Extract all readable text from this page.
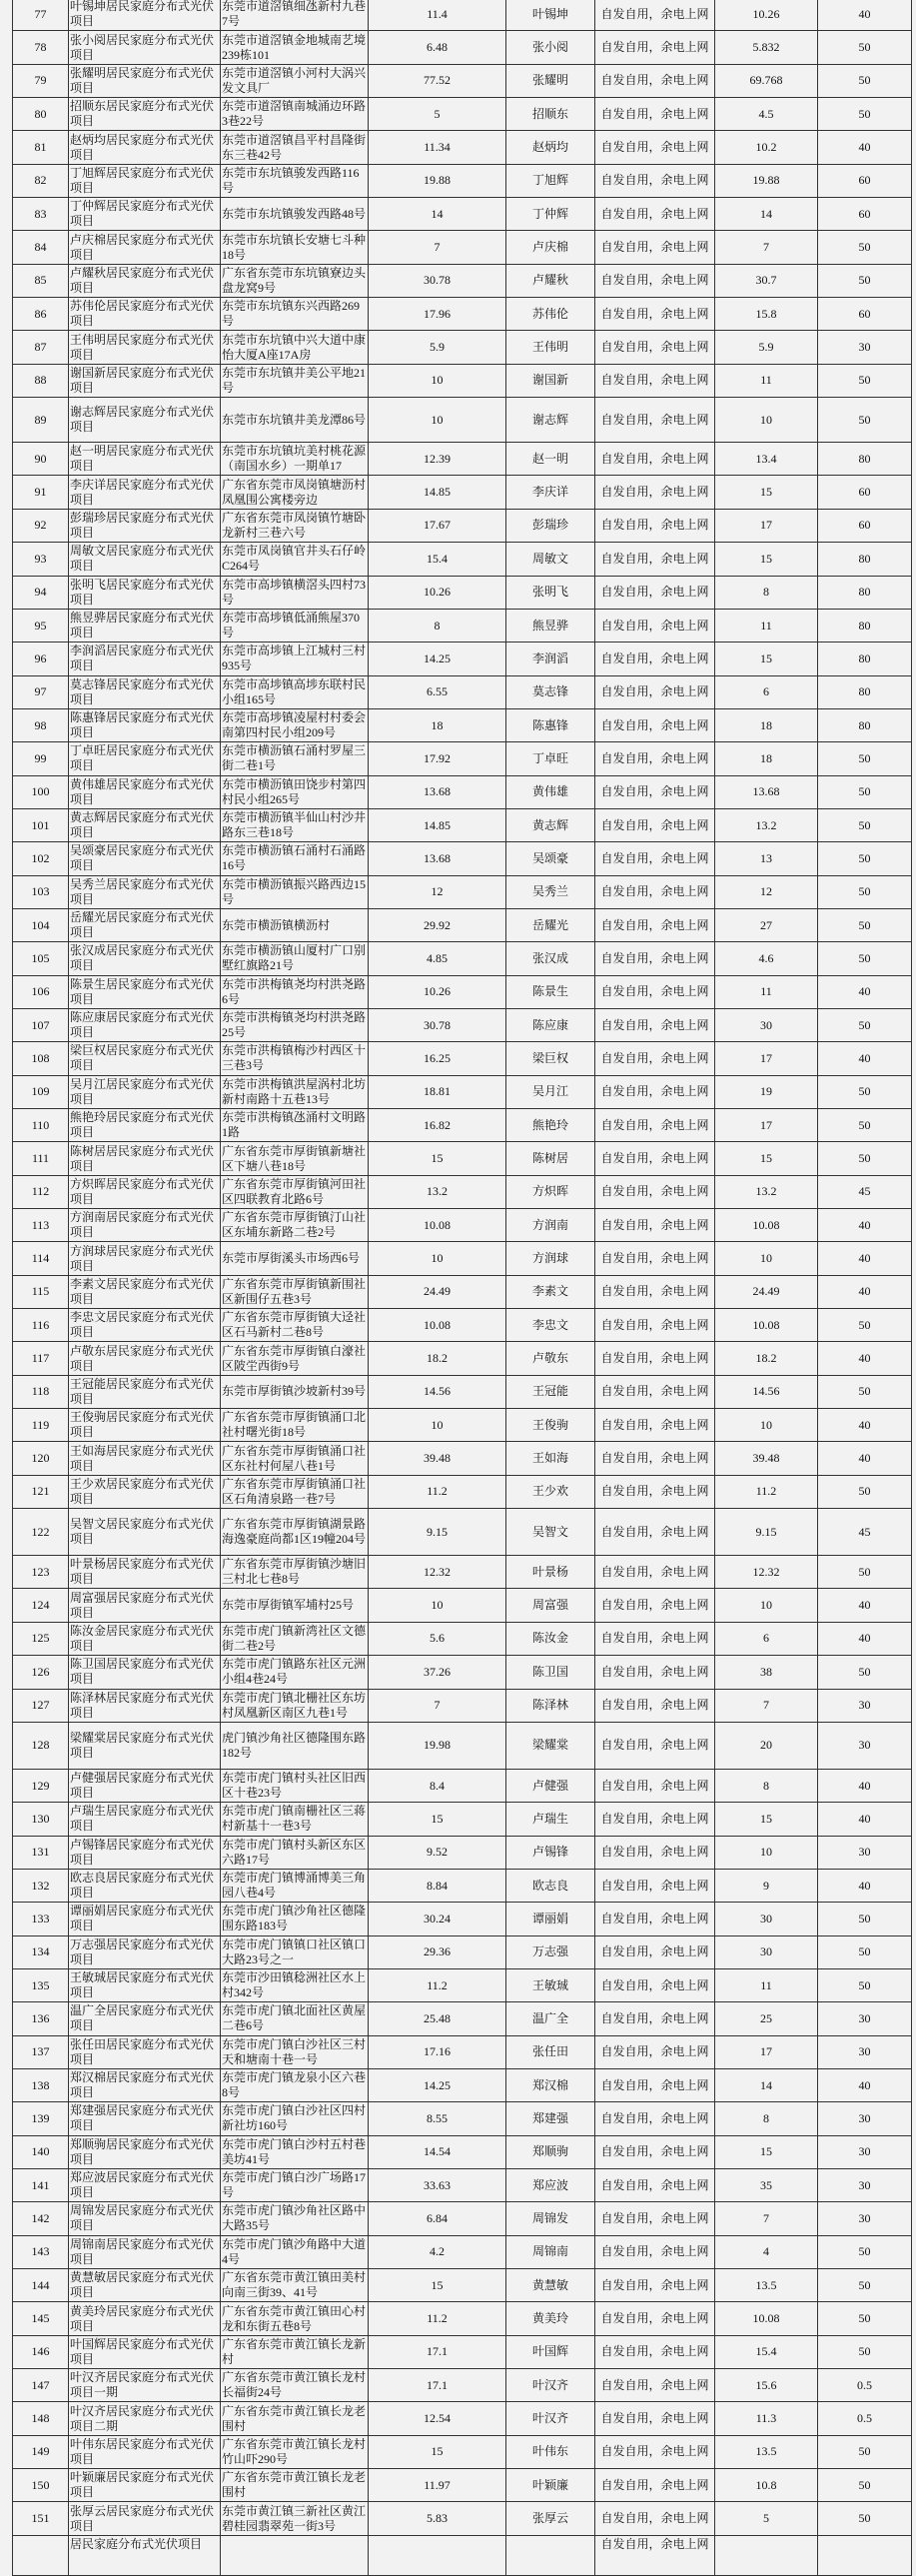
77	叶锡坤居民家庭分布式光伏项目	东莞市道滘镇细氹新村九巷7号	11.4	叶锡坤	自发自用，余电上网	10.26	40
78	张小阅居民家庭分布式光伏项目	东莞市道滘镇金地城南艺境239栋101	6.48	张小阅	自发自用，余电上网	5.832	50
79	张耀明居民家庭分布式光伏项目	东莞市道滘镇小河村大涡兴发文具厂	77.52	张耀明	自发自用，余电上网	69.768	50
80	招顺东居民家庭分布式光伏项目	东莞市道滘镇南城涌边环路3巷22号	5	招顺东	自发自用，余电上网	4.5	50
81	赵炳均居民家庭分布式光伏项目	东莞市道滘镇昌平村昌隆街东三巷42号	11.34	赵炳均	自发自用，余电上网	10.2	40
82	丁旭辉居民家庭分布式光伏项目	东莞市东坑镇骏发西路116号	19.88	丁旭辉	自发自用，余电上网	19.88	60
83	丁仲辉居民家庭分布式光伏项目	东莞市东坑镇骏发西路48号	14	丁仲辉	自发自用，余电上网	14	60
84	卢庆棉居民家庭分布式光伏项目	东莞市东坑镇长安塘七斗种18号	7	卢庆棉	自发自用，余电上网	7	50
85	卢耀秋居民家庭分布式光伏项目	广东省东莞市东坑镇寮边头盘龙窝9号	30.78	卢耀秋	自发自用，余电上网	30.7	50
86	苏伟伦居民家庭分布式光伏项目	东莞市东坑镇东兴西路269号	17.96	苏伟伦	自发自用，余电上网	15.8	60
87	王伟明居民家庭分布式光伏项目	东莞市东坑镇中兴大道中康怡大厦A座17A房	5.9	王伟明	自发自用，余电上网	5.9	30
88	谢国新居民家庭分布式光伏项目	东莞市东坑镇井美公平地21号	10	谢国新	自发自用，余电上网	11	50
89	谢志辉居民家庭分布式光伏项目	东莞市东坑镇井美龙潭86号	10	谢志辉	自发自用，余电上网	10	50
90	赵一明居民家庭分布式光伏项目	东莞市东坑镇坑美村桃花源（南国水乡）一期单17	12.39	赵一明	自发自用，余电上网	13.4	80
91	李庆详居民家庭分布式光伏项目	广东省东莞市凤岗镇塘沥村凤凰围公寓楼旁边	14.85	李庆详	自发自用，余电上网	15	60
92	彭瑞珍居民家庭分布式光伏项目	广东省东莞市凤岗镇竹塘卧龙新村三巷六号	17.67	彭瑞珍	自发自用，余电上网	17	60
93	周敏文居民家庭分布式光伏项目	东莞市凤岗镇官井头石仔岭C264号	15.4	周敏文	自发自用，余电上网	15	80
94	张明飞居民家庭分布式光伏项目	东莞市高埗镇横滘头四村73号	10.26	张明飞	自发自用，余电上网	8	80
95	熊昱骅居民家庭分布式光伏项目	东莞市高埗镇低涌熊屋370号	8	熊昱骅	自发自用，余电上网	11	80
96	李润滔居民家庭分布式光伏项目	东莞市高埗镇上江城村三村935号	14.25	李润滔	自发自用，余电上网	15	80
97	莫志锋居民家庭分布式光伏项目	东莞市高埗镇高埗东联村民小组165号	6.55	莫志锋	自发自用，余电上网	6	80
98	陈惠锋居民家庭分布式光伏项目	东莞市高埗镇凌屋村村委会南第四村民小组209号	18	陈惠锋	自发自用，余电上网	18	80
99	丁卓旺居民家庭分布式光伏项目	东莞市横沥镇石涌村罗屋三街二巷1号	17.92	丁卓旺	自发自用，余电上网	18	50
100	黄伟雄居民家庭分布式光伏项目	东莞市横沥镇田饶步村第四村民小组265号	13.68	黄伟雄	自发自用，余电上网	13.68	50
101	黄志辉居民家庭分布式光伏项目	东莞市横沥镇半仙山村沙井路东三巷18号	14.85	黄志辉	自发自用，余电上网	13.2	50
102	吴颂豪居民家庭分布式光伏项目	东莞市横沥镇石涌村石涌路16号	13.68	吴颂豪	自发自用，余电上网	13	50
103	吴秀兰居民家庭分布式光伏项目	东莞市横沥镇振兴路西边15号	12	吴秀兰	自发自用，余电上网	12	50
104	岳耀光居民家庭分布式光伏项目	东莞市横沥镇横沥村	29.92	岳耀光	自发自用，余电上网	27	50
105	张汉成居民家庭分布式光伏项目	东莞市横沥镇山厦村广口别墅红旗路21号	4.85	张汉成	自发自用，余电上网	4.6	50
106	陈景生居民家庭分布式光伏项目	东莞市洪梅镇尧均村洪尧路6号	10.26	陈景生	自发自用，余电上网	11	40
107	陈应康居民家庭分布式光伏项目	东莞市洪梅镇尧均村洪尧路25号	30.78	陈应康	自发自用，余电上网	30	50
108	梁巨权居民家庭分布式光伏项目	东莞市洪梅镇梅沙村西区十三巷3号	16.25	梁巨权	自发自用，余电上网	17	40
109	吴月江居民家庭分布式光伏项目	东莞市洪梅镇洪屋涡村北坊新村南路十五巷13号	18.81	吴月江	自发自用，余电上网	19	50
110	熊艳玲居民家庭分布式光伏项目	东莞市洪梅镇氹涌村文明路1路	16.82	熊艳玲	自发自用，余电上网	17	50
111	陈树居居民家庭分布式光伏项目	广东省东莞市厚街镇新塘社区下塘八巷18号	15	陈树居	自发自用，余电上网	15	50
112	方炽晖居民家庭分布式光伏项目	广东省东莞市厚街镇河田社区四联教育北路6号	13.2	方炽晖	自发自用，余电上网	13.2	45
113	方润南居民家庭分布式光伏项目	广东省东莞市厚街镇汀山社区东埔东新路二巷2号	10.08	方润南	自发自用，余电上网	10.08	40
114	方润球居民家庭分布式光伏项目	东莞市厚街溪头市场西6号	10	方润球	自发自用，余电上网	10	40
115	李素文居民家庭分布式光伏项目	广东省东莞市厚街镇新围社区新围仔五巷3号	24.49	李素文	自发自用，余电上网	24.49	40
116	李忠文居民家庭分布式光伏项目	广东省东莞市厚街镇大迳社区石马新村二巷8号	10.08	李忠文	自发自用，余电上网	10.08	50
117	卢敬东居民家庭分布式光伏项目	广东省东莞市厚街镇白濠社区陂坣西街9号	18.2	卢敬东	自发自用，余电上网	18.2	40
118	王冠能居民家庭分布式光伏项目	东莞市厚街镇沙坡新村39号	14.56	王冠能	自发自用，余电上网	14.56	50
119	王俊驹居民家庭分布式光伏项目	广东省东莞市厚街镇涌口北社村曙光街18号	10	王俊驹	自发自用，余电上网	10	40
120	王如海居民家庭分布式光伏项目	广东省东莞市厚街镇涌口社区东社村何屋八巷1号	39.48	王如海	自发自用，余电上网	39.48	40
121	王少欢居民家庭分布式光伏项目	广东省东莞市厚街镇涌口社区石角清泉路一巷7号	11.2	王少欢	自发自用，余电上网	11.2	50
122	吴智文居民家庭分布式光伏项目	广东省东莞市厚街镇湖景路海逸豪庭尚都1区19幢204号	9.15	吴智文	自发自用，余电上网	9.15	45
123	叶景杨居民家庭分布式光伏项目	广东省东莞市厚街镇沙塘旧三村北七巷8号	12.32	叶景杨	自发自用，余电上网	12.32	50
124	周富强居民家庭分布式光伏项目	东莞市厚街镇军埔村25号	10	周富强	自发自用，余电上网	10	40
125	陈汝金居民家庭分布式光伏项目	东莞市虎门镇新湾社区文德街二巷2号	5.6	陈汝金	自发自用，余电上网	6	40
126	陈卫国居民家庭分布式光伏项目	东莞市虎门镇路东社区元洲小组4巷24号	37.26	陈卫国	自发自用，余电上网	38	50
127	陈泽林居民家庭分布式光伏项目	东莞市虎门镇北栅社区东坊村凤凰新区南区九巷1号	7	陈泽林	自发自用，余电上网	7	30
128	梁耀棠居民家庭分布式光伏项目	虎门镇沙角社区德隆围东路182号	19.98	梁耀棠	自发自用，余电上网	20	30
129	卢健强居民家庭分布式光伏项目	东莞市虎门镇村头社区旧西区十巷23号	8.4	卢健强	自发自用，余电上网	8	40
130	卢瑞生居民家庭分布式光伏项目	东莞市虎门镇南栅社区三蒋村新基十一巷3号	15	卢瑞生	自发自用，余电上网	15	40
131	卢锡锋居民家庭分布式光伏项目	东莞市虎门镇村头新区东区六路17号	9.52	卢锡锋	自发自用，余电上网	10	30
132	欧志良居民家庭分布式光伏项目	东莞市虎门镇博涌博美三角园八巷4号	8.84	欧志良	自发自用，余电上网	9	40
133	谭丽娟居民家庭分布式光伏项目	东莞市虎门镇沙角社区德隆围东路183号	30.24	谭丽娟	自发自用，余电上网	30	50
134	万志强居民家庭分布式光伏项目	东莞市虎门镇镇口社区镇口大路23号之一	29.36	万志强	自发自用，余电上网	30	50
135	王敏珹居民家庭分布式光伏项目	东莞市沙田镇稔洲社区水上村342号	11.2	王敏珹	自发自用，余电上网	11	50
136	温广全居民家庭分布式光伏项目	东莞市虎门镇北面社区黄屋二巷6号	25.48	温广全	自发自用，余电上网	25	30
137	张任田居民家庭分布式光伏项目	东莞市虎门镇白沙社区三村天和塘南十巷一号	17.16	张任田	自发自用，余电上网	17	30
138	郑汉棉居民家庭分布式光伏项目	东莞市虎门镇龙泉小区六巷8号	14.25	郑汉棉	自发自用，余电上网	14	40
139	郑建强居民家庭分布式光伏项目	东莞市虎门镇白沙社区四村新社坊160号	8.55	郑建强	自发自用，余电上网	8	30
140	郑顺驹居民家庭分布式光伏项目	东莞市虎门镇白沙村五村巷美坊41号	14.54	郑顺驹	自发自用，余电上网	15	30
141	郑应波居民家庭分布式光伏项目	东莞市虎门镇白沙广场路17号	33.63	郑应波	自发自用，余电上网	35	30
142	周锦发居民家庭分布式光伏项目	东莞市虎门镇沙角社区路中大路35号	6.84	周锦发	自发自用，余电上网	7	30
143	周锦南居民家庭分布式光伏项目	东莞市虎门镇沙角路中大道4号	4.2	周锦南	自发自用，余电上网	4	50
144	黄慧敏居民家庭分布式光伏项目	广东省东莞市黄江镇田美村向南三街39、41号	15	黄慧敏	自发自用，余电上网	13.5	50
145	黄美玲居民家庭分布式光伏项目	广东省东莞市黄江镇田心村龙和东街五巷8号	11.2	黄美玲	自发自用，余电上网	10.08	50
146	叶国辉居民家庭分布式光伏项目	广东省东莞市黄江镇长龙新村	17.1	叶国辉	自发自用，余电上网	15.4	50
147	叶汉齐居民家庭分布式光伏项目一期	广东省东莞市黄江镇长龙村长福街24号	17.1	叶汉齐	自发自用，余电上网	15.6	0.5
148	叶汉齐居民家庭分布式光伏项目二期	广东省东莞市黄江镇长龙老围村	12.54	叶汉齐	自发自用，余电上网	11.3	0.5
149	叶伟东居民家庭分布式光伏项目	广东省东莞市黄江镇长龙村竹山吓290号	15	叶伟东	自发自用，余电上网	13.5	50
150	叶颖廉居民家庭分布式光伏项目	广东省东莞市黄江镇长龙老围村	11.97	叶颖廉	自发自用，余电上网	10.8	50
151	张厚云居民家庭分布式光伏项目	东莞市黄江镇三新社区黄江碧桂园翡翠苑一街3号	5.83	张厚云	自发自用，余电上网	5	50
	居民家庭分布式光伏项目				自发自用，余电上网		
